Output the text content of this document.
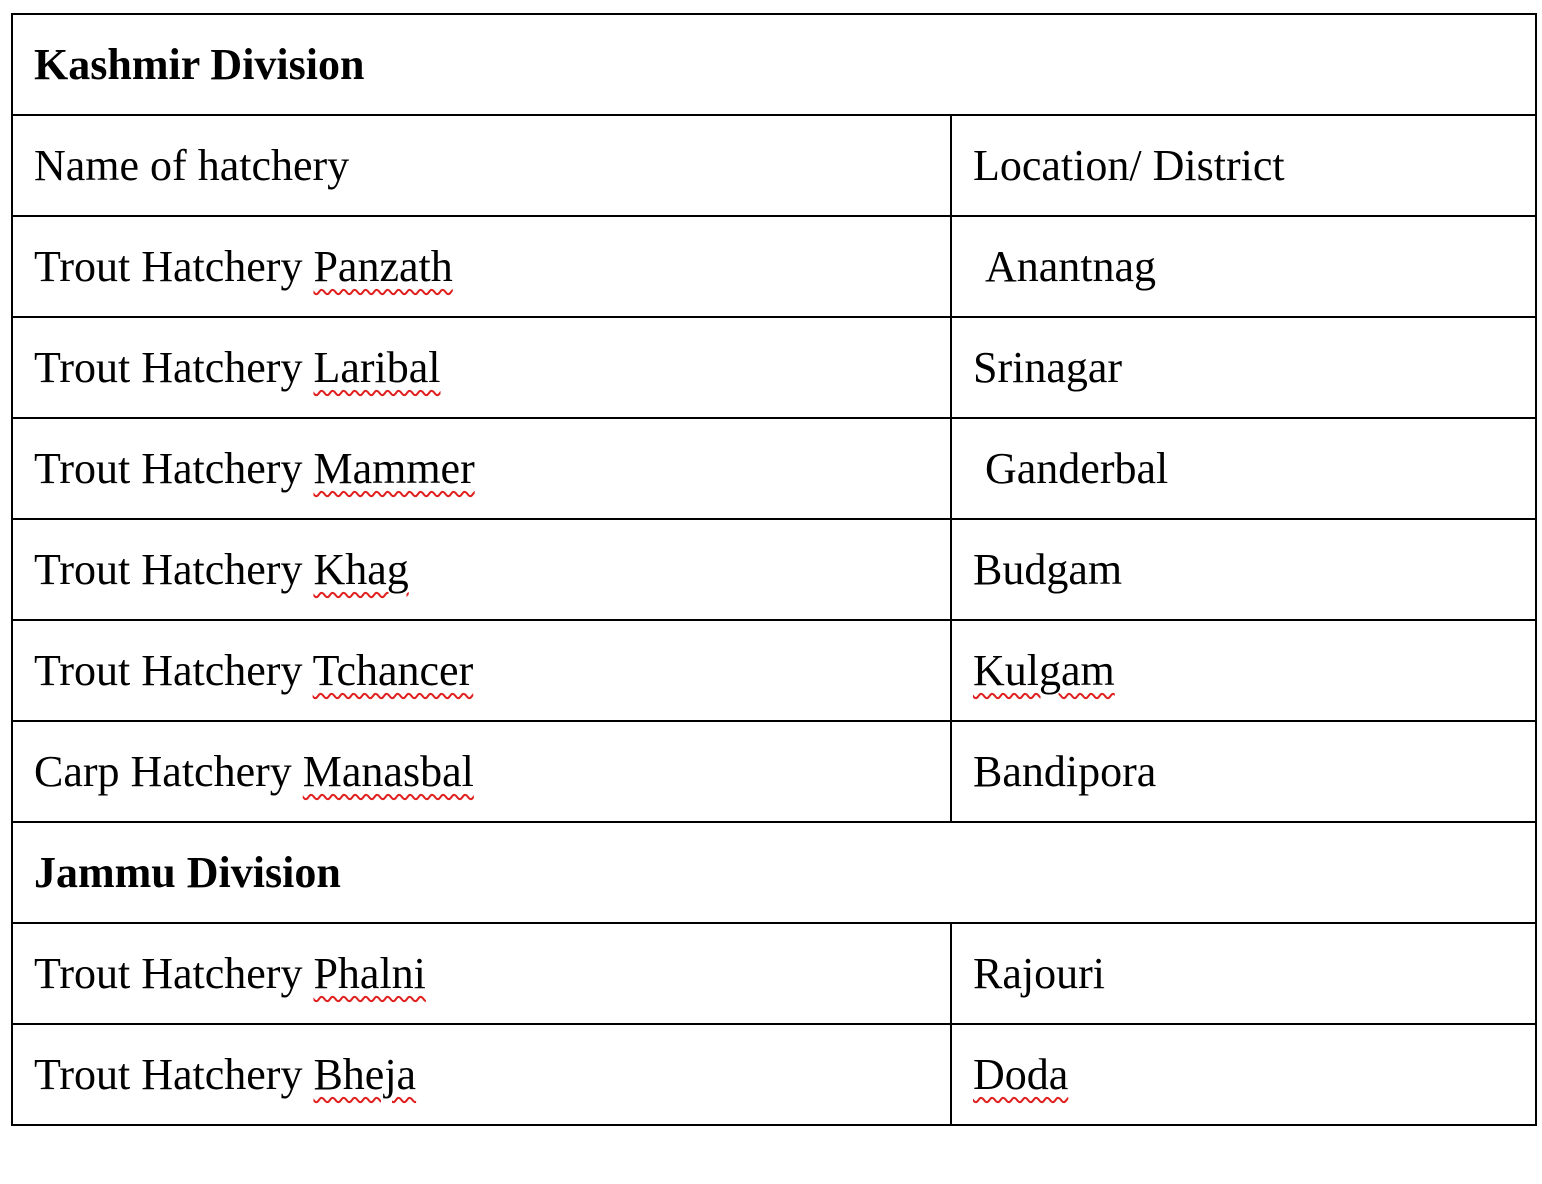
Kashmir Division	
Name of hatchery	Location/ District
Trout Hatchery Panzath	Anantnag
Trout Hatchery Laribal	Srinagar
Trout Hatchery Mammer	Ganderbal
Trout Hatchery Khag	Budgam
Trout Hatchery Tchancer	Kulgam
Carp Hatchery Manasbal	Bandipora
Jammu Division	
Trout Hatchery Phalni	Rajouri
Trout Hatchery Bheja	Doda
